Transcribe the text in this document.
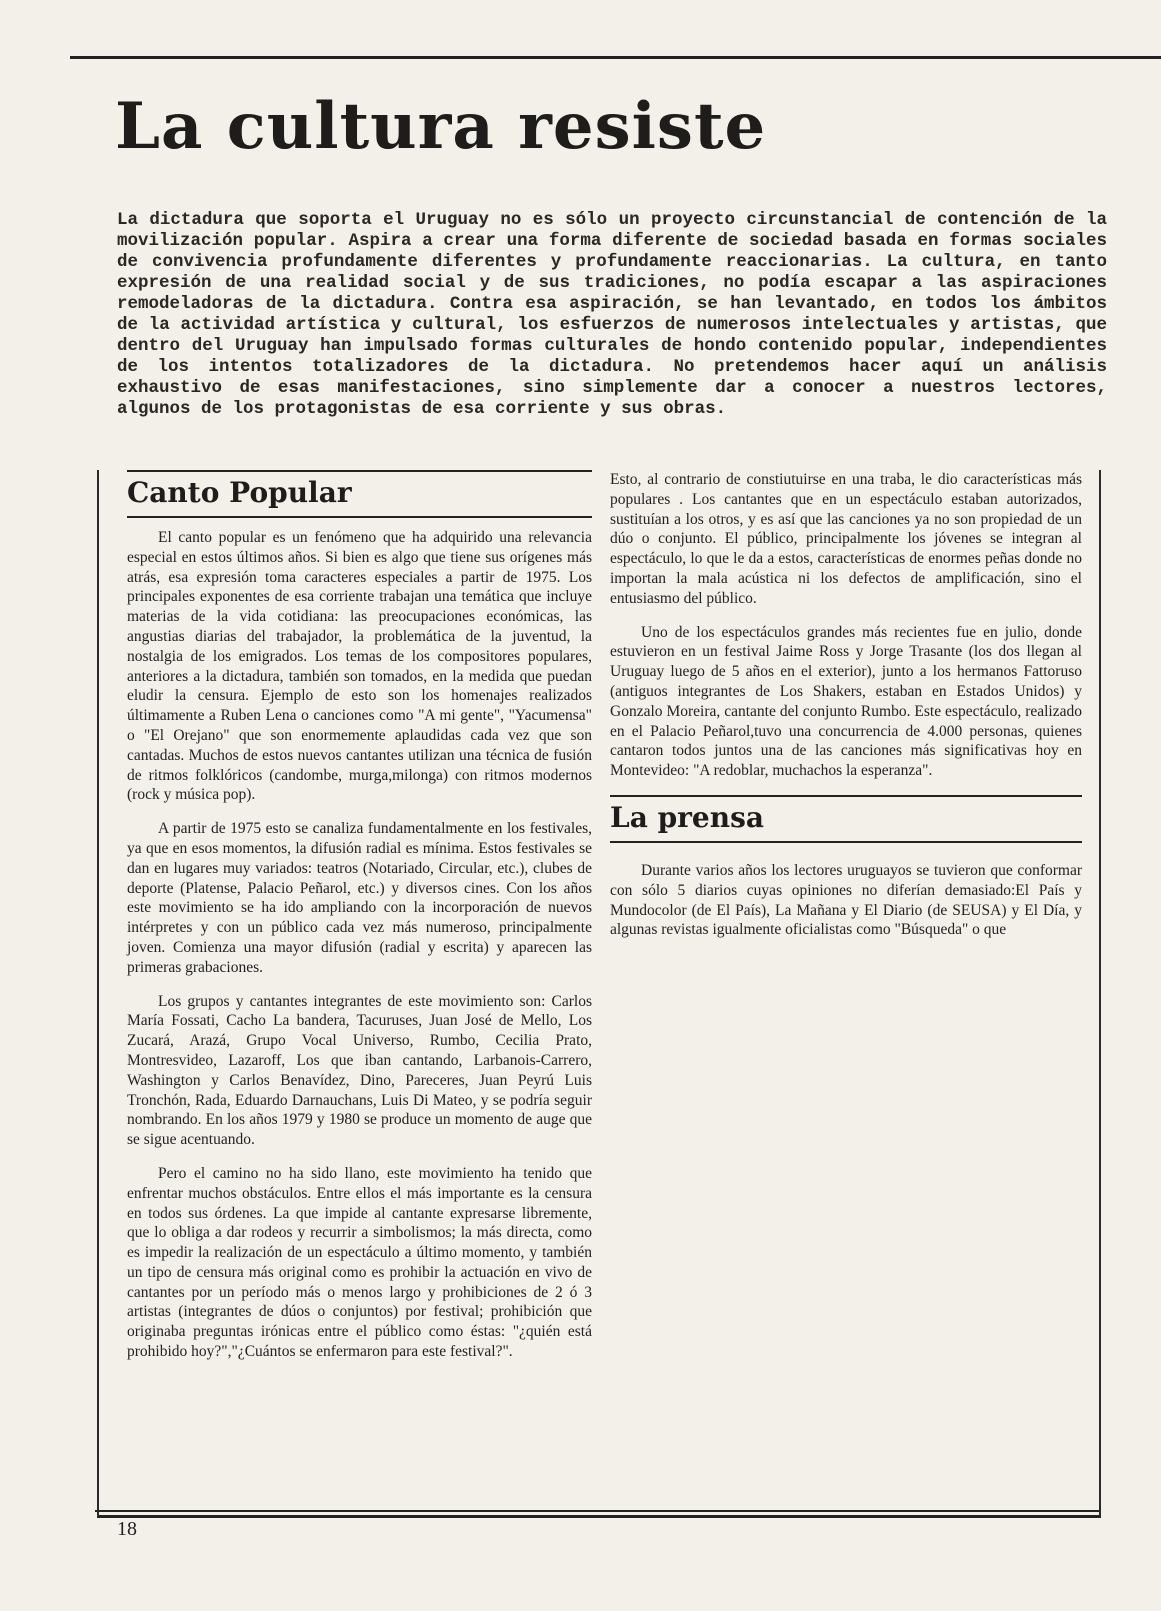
La cultura resiste
La dictadura que soporta el Uruguay no es sólo un proyecto circunstancial de contención de la movilización popular. Aspira a crear una forma diferente de sociedad basada en formas sociales de convivencia profundamente diferentes y profundamente reaccionarias. La cultura, en tanto expresión de una realidad social y de sus tradiciones, no podía escapar a las aspiraciones remodeladoras de la dictadura. Contra esa aspiración, se han levantado, en todos los ámbitos de la actividad artística y cultural, los esfuerzos de numerosos intelectuales y artistas, que dentro del Uruguay han impulsado formas culturales de hondo contenido popular, independientes de los intentos totalizadores de la dictadura. No pretendemos hacer aquí un análisis exhaustivo de esas manifestaciones, sino simplemente dar a conocer a nuestros lectores, algunos de los protagonistas de esa corriente y sus obras.
Canto Popular

El canto popular es un fenómeno que ha adquirido una relevancia especial en estos últimos años. Si bien es algo que tiene sus orígenes más atrás, esa expresión toma caracteres especiales a partir de 1975. Los principales exponentes de esa corriente trabajan una temática que incluye materias de la vida cotidiana: las preocupaciones económicas, las angustias diarias del trabajador, la problemática de la juventud, la nostalgia de los emigrados. Los temas de los compositores populares, anteriores a la dictadura, también son tomados, en la medida que puedan eludir la censura. Ejemplo de esto son los homenajes realizados últimamente a Ruben Lena o canciones como "A mi gente", "Yacumensa" o "El Orejano" que son enormemente aplaudidas cada vez que son cantadas. Muchos de estos nuevos cantantes utilizan una técnica de fusión de ritmos folklóricos (candombe, murga,milonga) con ritmos modernos (rock y música pop).

A partir de 1975 esto se canaliza fundamentalmente en los festivales, ya que en esos momentos, la difusión radial es mínima. Estos festivales se dan en lugares muy variados: teatros (Notariado, Circular, etc.), clubes de deporte (Platense, Palacio Peñarol, etc.) y diversos cines. Con los años este movimiento se ha ido ampliando con la incorporación de nuevos intérpretes y con un público cada vez más numeroso, principalmente joven. Comienza una mayor difusión (radial y escrita) y aparecen las primeras grabaciones.

Los grupos y cantantes integrantes de este movimiento son: Carlos María Fossati, Cacho La bandera, Tacuruses, Juan José de Mello, Los Zucará, Arazá, Grupo Vocal Universo, Rumbo, Cecilia Prato, Montresvideo, Lazaroff, Los que iban cantando, Larbanois-Carrero, Washington y Carlos Benavídez, Dino, Pareceres, Juan Peyrú Luis Tronchón, Rada, Eduardo Darnauchans, Luis Di Mateo, y se podría seguir nombrando. En los años 1979 y 1980 se produce un momento de auge que se sigue acentuando.

Pero el camino no ha sido llano, este movimiento ha tenido que enfrentar muchos obstáculos. Entre ellos el más importante es la censura en todos sus órdenes. La que impide al cantante expresarse libremente, que lo obliga a dar rodeos y recurrir a simbolismos; la más directa, como es impedir la realización de un espectáculo a último momento, y también un tipo de censura más original como es prohibir la actuación en vivo de cantantes por un período más o menos largo y prohibiciones de 2 ó 3 artistas (integrantes de dúos o conjuntos) por festival; prohibición que originaba preguntas irónicas entre el público como éstas: "¿quién está prohibido hoy?","¿Cuántos se enfermaron para este festival?".

Esto, al contrario de constiutuirse en una traba, le dio características más populares . Los cantantes que en un espectáculo estaban autorizados, sustituían a los otros, y es así que las canciones ya no son propiedad de un dúo o conjunto. El público, principalmente los jóvenes se integran al espectáculo, lo que le da a estos, características de enormes peñas donde no importan la mala acústica ni los defectos de amplificación, sino el entusiasmo del público.

Uno de los espectáculos grandes más recientes fue en julio, donde estuvieron en un festival Jaime Ross y Jorge Trasante (los dos llegan al Uruguay luego de 5 años en el exterior), junto a los hermanos Fattoruso (antiguos integrantes de Los Shakers, estaban en Estados Unidos) y Gonzalo Moreira, cantante del conjunto Rumbo. Este espectáculo, realizado en el Palacio Peñarol,tuvo una concurrencia de 4.000 personas, quienes cantaron todos juntos una de las canciones más significativas hoy en Montevideo: "A redoblar, muchachos la esperanza".

La prensa

Durante varios años los lectores uruguayos se tuvieron que conformar con sólo 5 diarios cuyas opiniones no diferían demasiado:El País y Mundocolor (de El País), La Mañana y El Diario (de SEUSA) y El Día, y algunas revistas igualmente oficialistas como "Búsqueda" o que

18
